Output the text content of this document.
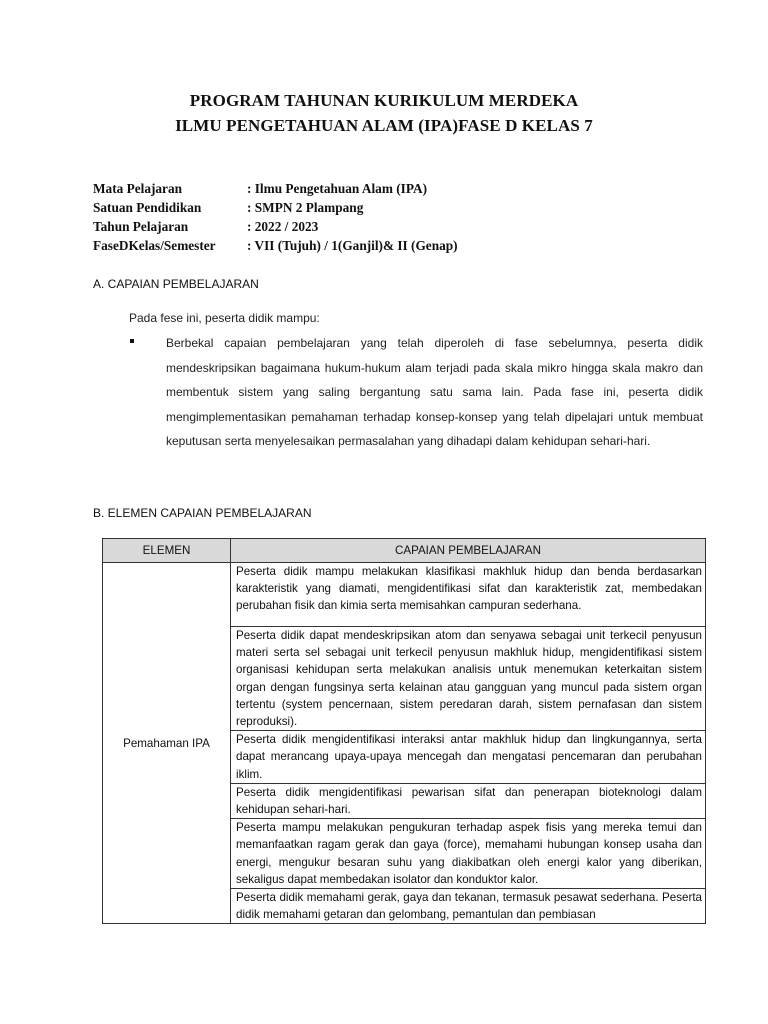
PROGRAM TAHUNAN KURIKULUM MERDEKA
ILMU PENGETAHUAN ALAM (IPA)FASE D KELAS 7
Mata Pelajaran	: Ilmu Pengetahuan Alam (IPA)
Satuan Pendidikan	: SMPN 2 Plampang
Tahun Pelajaran	: 2022 / 2023
FaseDKelas/Semester : VII (Tujuh) / 1(Ganjil)& II (Genap)
A. CAPAIAN PEMBELAJARAN
Pada fese ini, peserta didik mampu:
Berbekal capaian pembelajaran yang telah diperoleh di fase sebelumnya, peserta didik mendeskripsikan bagaimana hukum-hukum alam terjadi pada skala mikro hingga skala makro dan membentuk sistem yang saling bergantung satu sama lain. Pada fase ini, peserta didik mengimplementasikan pemahaman terhadap konsep-konsep yang telah dipelajari untuk membuat keputusan serta menyelesaikan permasalahan yang dihadapi dalam kehidupan sehari-hari.
B. ELEMEN CAPAIAN PEMBELAJARAN
ELEMEN	CAPAIAN PEMBELAJARAN
Pemahaman IPA	Peserta didik mampu melakukan klasifikasi makhluk hidup dan benda berdasarkan karakteristik yang diamati, mengidentifikasi sifat dan karakteristik zat, membedakan perubahan fisik dan kimia serta memisahkan campuran sederhana.
	Peserta didik dapat mendeskripsikan atom dan senyawa sebagai unit terkecil penyusun materi serta sel sebagai unit terkecil penyusun makhluk hidup, mengidentifikasi sistem organisasi kehidupan serta melakukan analisis untuk menemukan keterkaitan sistem organ dengan fungsinya serta kelainan atau gangguan yang muncul pada sistem organ tertentu (system pencernaan, sistem peredaran darah, sistem pernafasan dan sistem reproduksi).
	Peserta didik mengidentifikasi interaksi antar makhluk hidup dan lingkungannya, serta dapat merancang upaya-upaya mencegah dan mengatasi pencemaran dan perubahan iklim.
	Peserta didik mengidentifikasi pewarisan sifat dan penerapan bioteknologi dalam kehidupan sehari-hari.
	Peserta mampu melakukan pengukuran terhadap aspek fisis yang mereka temui dan memanfaatkan ragam gerak dan gaya (force), memahami hubungan konsep usaha dan energi, mengukur besaran suhu yang diakibatkan oleh energi kalor yang diberikan, sekaligus dapat membedakan isolator dan konduktor kalor.
	Peserta didik memahami gerak, gaya dan tekanan, termasuk pesawat sederhana. Peserta didik memahami getaran dan gelombang, pemantulan dan pembiasan
